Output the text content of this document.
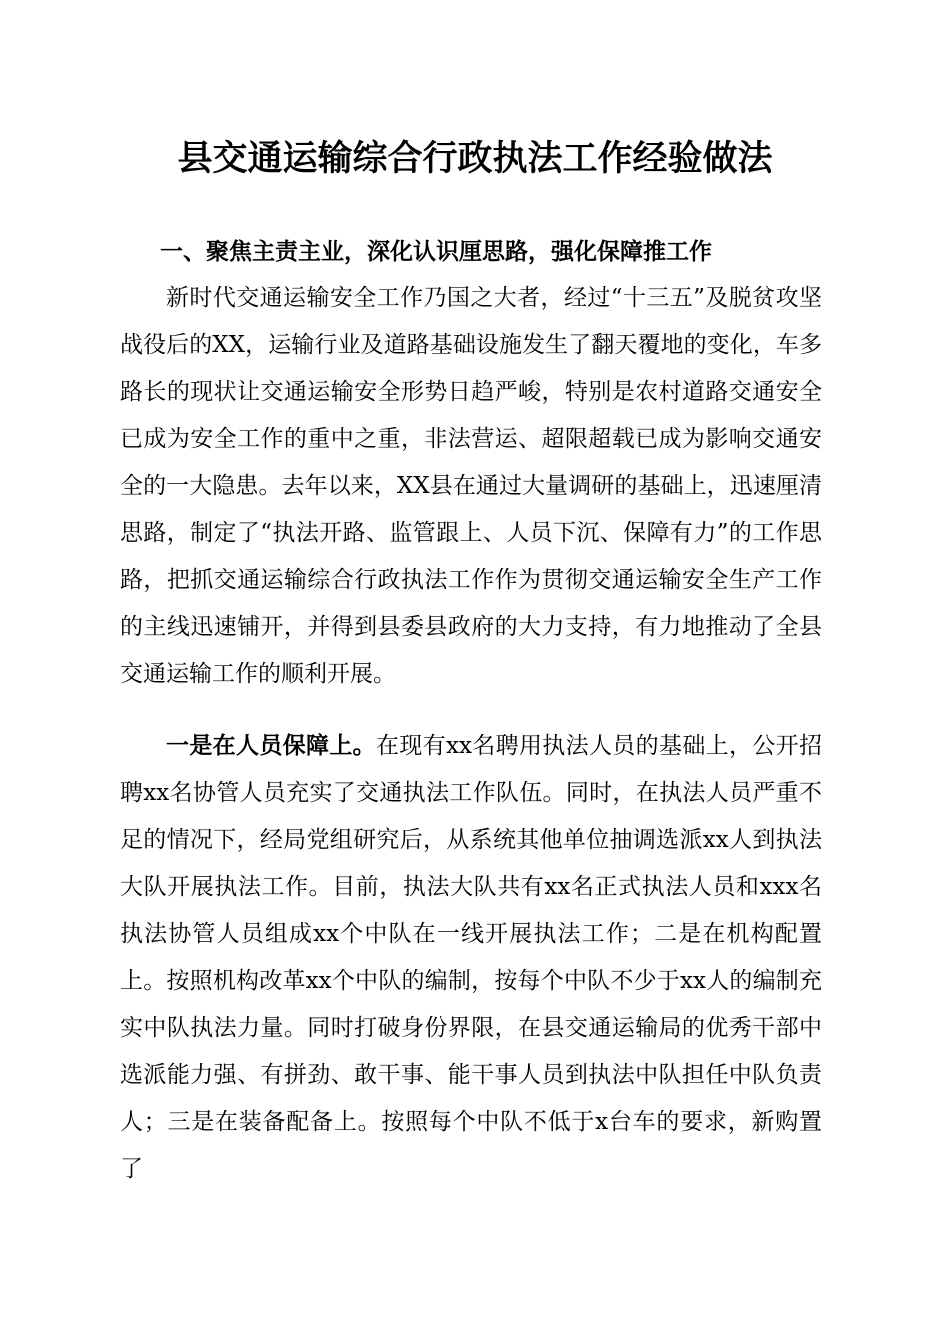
县交通运输综合行政执法工作经验做法
一、聚焦主责主业，深化认识厘思路，强化保障推工作

新时代交通运输安全工作乃国之大者，经过“十三五”及脱贫攻坚战役后的XX，运输行业及道路基础设施发生了翻天覆地的变化，车多路长的现状让交通运输安全形势日趋严峻，特别是农村道路交通安全已成为安全工作的重中之重，非法营运、超限超载已成为影响交通安全的一大隐患。去年以来，XX县在通过大量调研的基础上，迅速厘清思路，制定了“执法开路、监管跟上、人员下沉、保障有力”的工作思路，把抓交通运输综合行政执法工作作为贯彻交通运输安全生产工作的主线迅速铺开，并得到县委县政府的大力支持，有力地推动了全县交通运输工作的顺利开展。

一是在人员保障上。在现有xx名聘用执法人员的基础上，公开招聘xx名协管人员充实了交通执法工作队伍。同时，在执法人员严重不足的情况下，经局党组研究后，从系统其他单位抽调选派xx人到执法大队开展执法工作。目前，执法大队共有xx名正式执法人员和xxx名执法协管人员组成xx个中队在一线开展执法工作；二是在机构配置上。按照机构改革xx个中队的编制，按每个中队不少于xx人的编制充实中队执法力量。同时打破身份界限，在县交通运输局的优秀干部中选派能力强、有拼劲、敢干事、能干事人员到执法中队担任中队负责人；三是在装备配备上。按照每个中队不低于x台车的要求，新购置了
